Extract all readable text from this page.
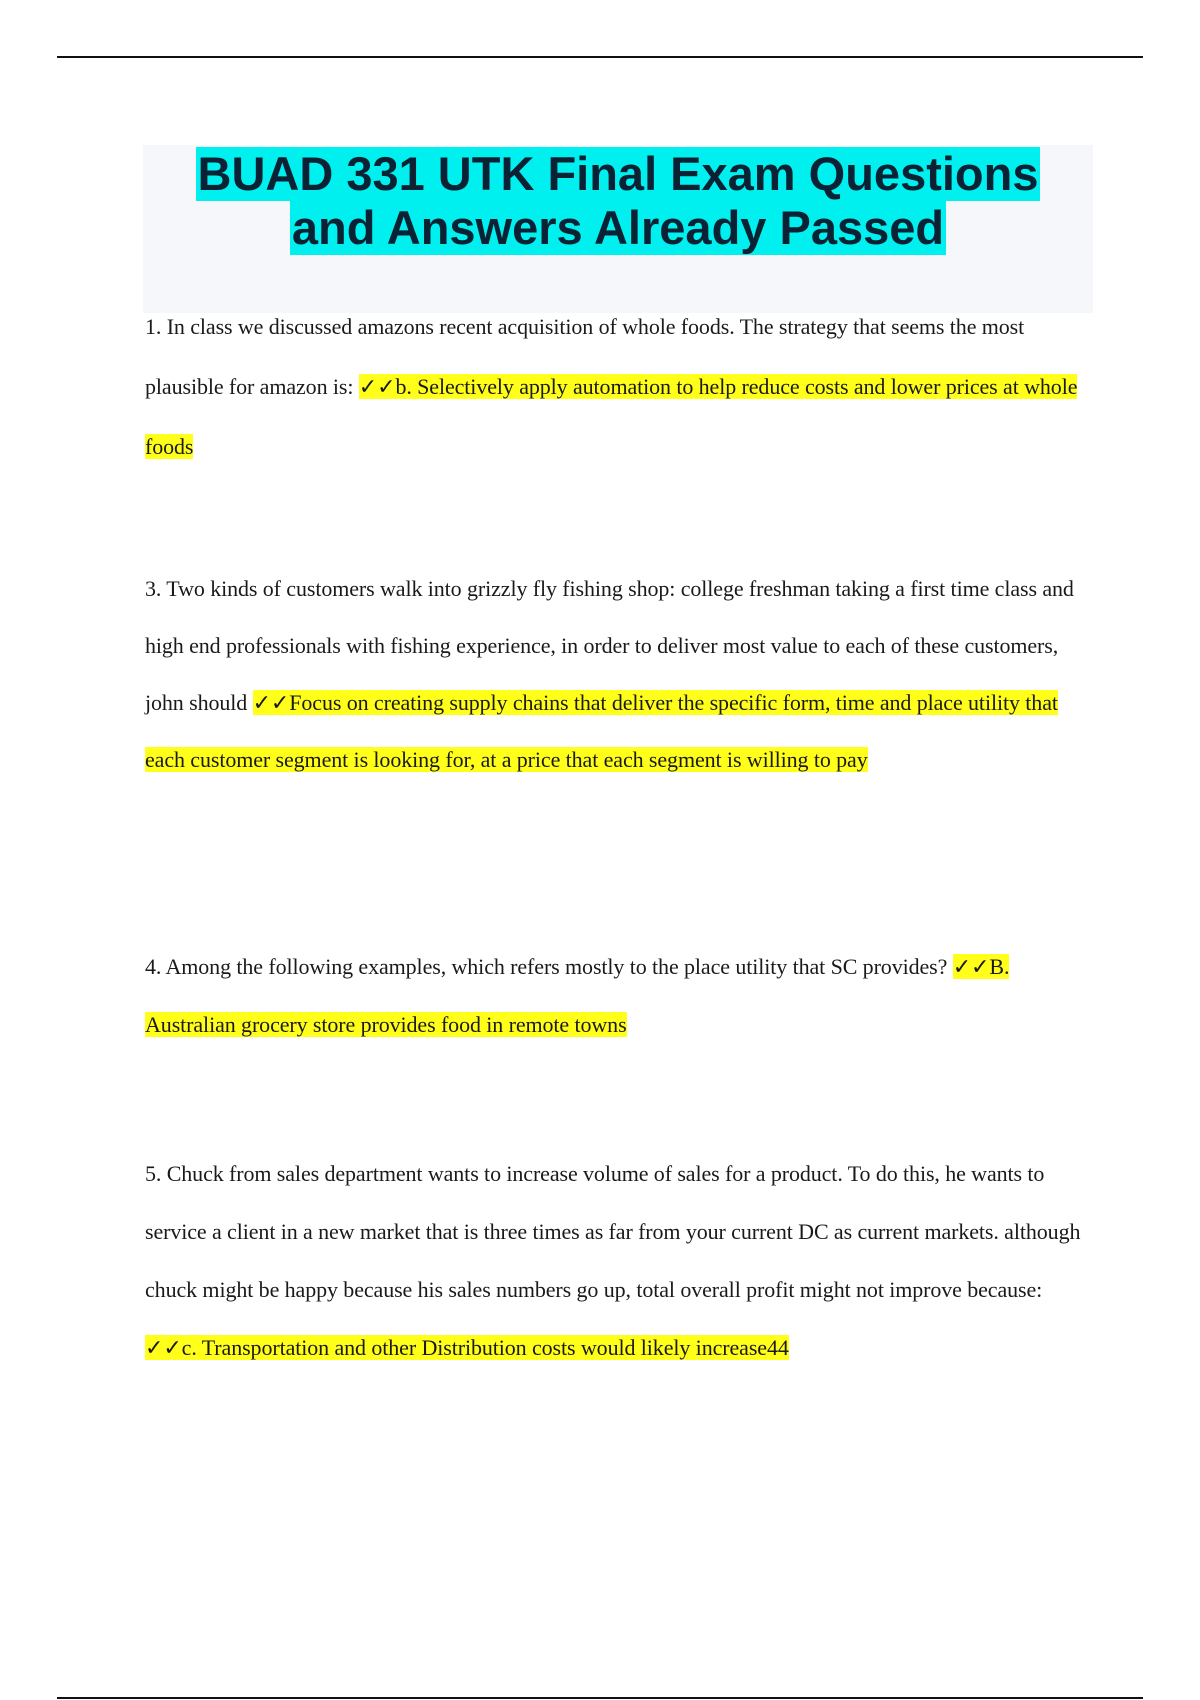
BUAD 331 UTK Final Exam Questions
and Answers Already Passed
1. In class we discussed amazons recent acquisition of whole foods. The strategy that seems the most plausible for amazon is: ✓✓b. Selectively apply automation to help reduce costs and lower prices at whole foods
3. Two kinds of customers walk into grizzly fly fishing shop: college freshman taking a first time class and high end professionals with fishing experience, in order to deliver most value to each of these customers, john should ✓✓Focus on creating supply chains that deliver the specific form, time and place utility that each customer segment is looking for, at a price that each segment is willing to pay
4. Among the following examples, which refers mostly to the place utility that SC provides? ✓✓B. Australian grocery store provides food in remote towns
5. Chuck from sales department wants to increase volume of sales for a product. To do this, he wants to service a client in a new market that is three times as far from your current DC as current markets. although chuck might be happy because his sales numbers go up, total overall profit might not improve because: ✓✓c. Transportation and other Distribution costs would likely increase44
